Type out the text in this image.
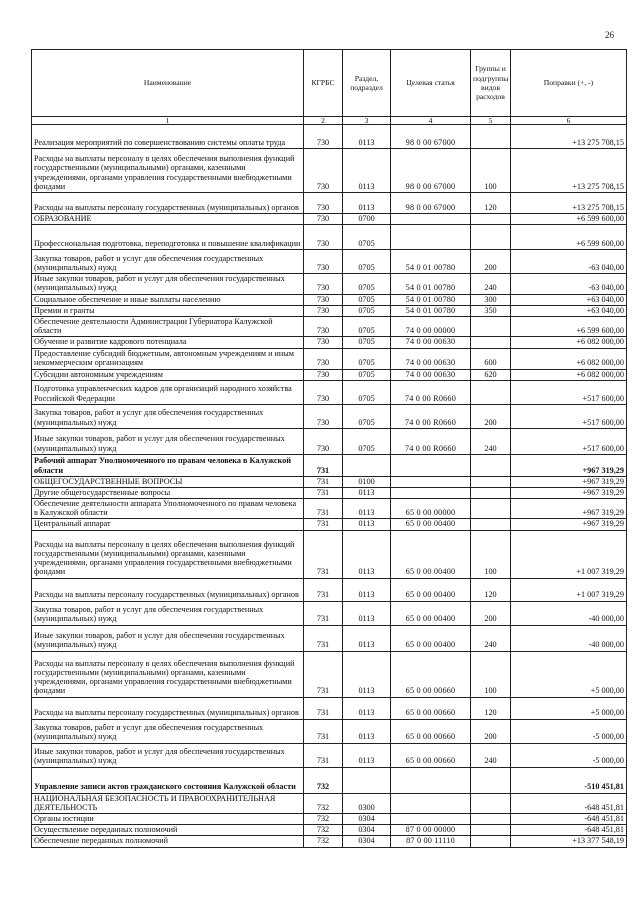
26
Наименование	КГРБС	Раздел, подраздел	Целевая статья	Группы и подгруппы видов расходов	Поправки (+, -)
1	2	3	4	5	6
Реализация мероприятий по совершенствованию системы оплаты труда	730	0113	98 0 00 67000		+13 275 708,15
Расходы на выплаты персоналу в целях обеспечения выполнения функций государственными (муниципальными) органами, казенными учреждениями, органами управления государственными внебюджетными фондами	730	0113	98 0 00 67000	100	+13 275 708,15
Расходы на выплаты персоналу государственных (муниципальных) органов	730	0113	98 0 00 67000	120	+13 275 708,15
ОБРАЗОВАНИЕ	730	0700			+6 599 600,00
Профессиональная подготовка, переподготовка и повышение квалификации	730	0705			+6 599 600,00
Закупка товаров, работ и услуг для обеспечения государственных (муниципальных) нужд	730	0705	54 0 01 00780	200	-63 040,00
Иные закупки товаров, работ и услуг для обеспечения государственных (муниципальных) нужд	730	0705	54 0 01 00780	240	-63 040,00
Социальное обеспечение и иные выплаты населению	730	0705	54 0 01 00780	300	+63 040,00
Премии и гранты	730	0705	54 0 01 00780	350	+63 040,00
Обеспечение деятельности Администрации Губернатора Калужской области	730	0705	74 0 00 00000		+6 599 600,00
Обучение и развитие кадрового потенциала	730	0705	74 0 00 00630		+6 082 000,00
Предоставление субсидий бюджетным, автономным учреждениям и иным некоммерческим организациям	730	0705	74 0 00 00630	600	+6 082 000,00
Субсидии автономным учреждениям	730	0705	74 0 00 00630	620	+6 082 000,00
Подготовка управленческих кадров для организаций народного хозяйства Российской Федерации	730	0705	74 0 00 R0660		+517 600,00
Закупка товаров, работ и услуг для обеспечения государственных (муниципальных) нужд	730	0705	74 0 00 R0660	200	+517 600,00
Иные закупки товаров, работ и услуг для обеспечения государственных (муниципальных) нужд	730	0705	74 0 00 R0660	240	+517 600,00
Рабочий аппарат Уполномоченного по правам человека в Калужской области	731				+967 319,29
ОБЩЕГОСУДАРСТВЕННЫЕ ВОПРОСЫ	731	0100			+967 319,29
Другие общегосударственные вопросы	731	0113			+967 319,29
Обеспечение деятельности аппарата Уполномоченного по правам человека в Калужской области	731	0113	65 0 00 00000		+967 319,29
Центральный аппарат	731	0113	65 0 00 00400		+967 319,29
Расходы на выплаты персоналу в целях обеспечения выполнения функций государственными (муниципальными) органами, казенными учреждениями, органами управления государственными внебюджетными фондами	731	0113	65 0 00 00400	100	+1 007 319,29
Расходы на выплаты персоналу государственных (муниципальных) органов	731	0113	65 0 00 00400	120	+1 007 319,29
Закупка товаров, работ и услуг для обеспечения государственных (муниципальных) нужд	731	0113	65 0 00 00400	200	-40 000,00
Иные закупки товаров, работ и услуг для обеспечения государственных (муниципальных) нужд	731	0113	65 0 00 00400	240	-40 000,00
Расходы на выплаты персоналу в целях обеспечения выполнения функций государственными (муниципальными) органами, казенными учреждениями, органами управления государственными внебюджетными фондами	731	0113	65 0 00 00660	100	+5 000,00
Расходы на выплаты персоналу государственных (муниципальных) органов	731	0113	65 0 00 00660	120	+5 000,00
Закупка товаров, работ и услуг для обеспечения государственных (муниципальных) нужд	731	0113	65 0 00 00660	200	-5 000,00
Иные закупки товаров, работ и услуг для обеспечения государственных (муниципальных) нужд	731	0113	65 0 00 00660	240	-5 000,00
Управление записи актов гражданского состояния Калужской области	732				-510 451,81
НАЦИОНАЛЬНАЯ БЕЗОПАСНОСТЬ И ПРАВООХРАНИТЕЛЬНАЯ ДЕЯТЕЛЬНОСТЬ	732	0300			-648 451,81
Органы юстиции	732	0304			-648 451,81
Осуществление переданных полномочий	732	0304	87 0 00 00000		-648 451,81
Обеспечение переданных полномочий	732	0304	87 0 00 11110		+13 377 548,19
